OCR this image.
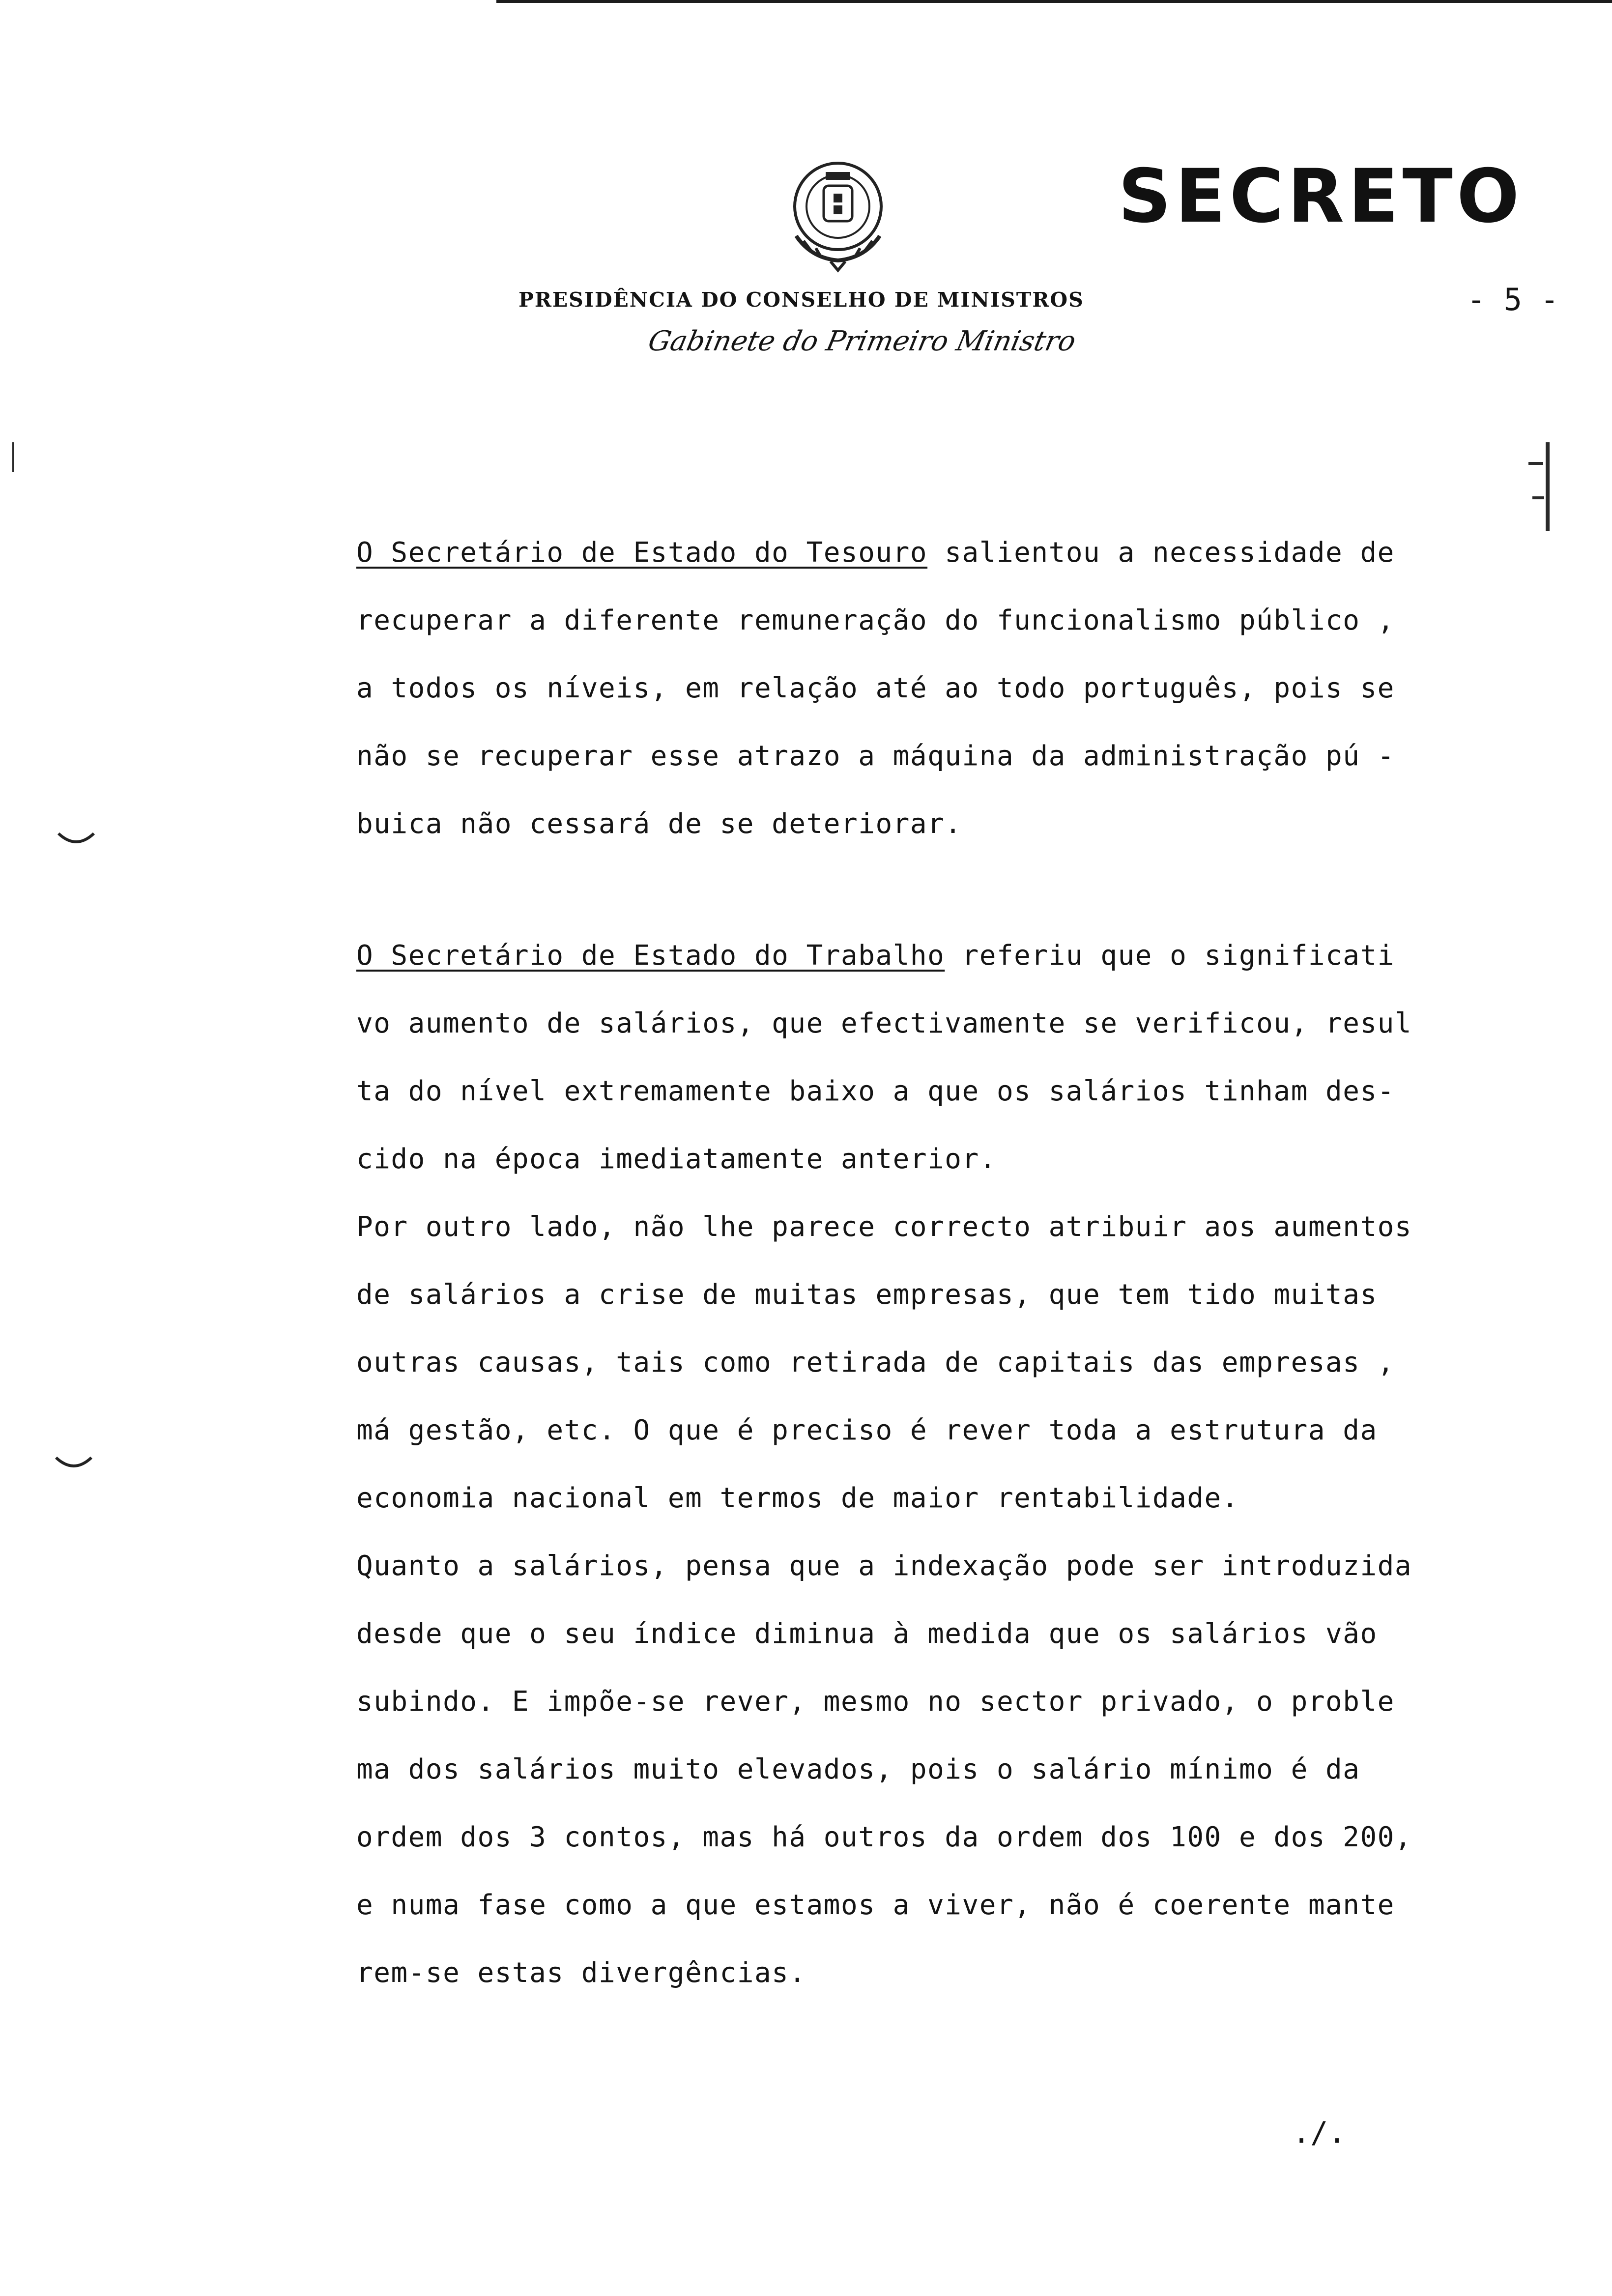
SECRETO
PRESIDÊNCIA DO CONSELHO DE MINISTROS
Gabinete do Primeiro Ministro
- 5 -
O Secretário de Estado do Tesouro salientou a necessidade de
recuperar a diferente remuneração do funcionalismo público ,
a todos os níveis, em relação até ao todo português, pois se
não se recuperar esse atrazo a máquina da administração pú -
buica não cessará de se deteriorar.
O Secretário de Estado do Trabalho referiu que o significati
vo aumento de salários, que efectivamente se verificou, resul
ta do nível extremamente baixo a que os salários tinham des-
cido na época imediatamente anterior.
Por outro lado, não lhe parece correcto atribuir aos aumentos
de salários a crise de muitas empresas, que tem tido muitas
outras causas, tais como retirada de capitais das empresas ,
má gestão, etc. O que é preciso é rever toda a estrutura da
economia nacional em termos de maior rentabilidade.
Quanto a salários, pensa que a indexação pode ser introduzida
desde que o seu índice diminua à medida que os salários vão
subindo. E impõe-se rever, mesmo no sector privado, o proble
ma dos salários muito elevados, pois o salário mínimo é da
ordem dos 3 contos, mas há outros da ordem dos 100 e dos 200,
e numa fase como a que estamos a viver, não é coerente mante
rem-se estas divergências.
./.
